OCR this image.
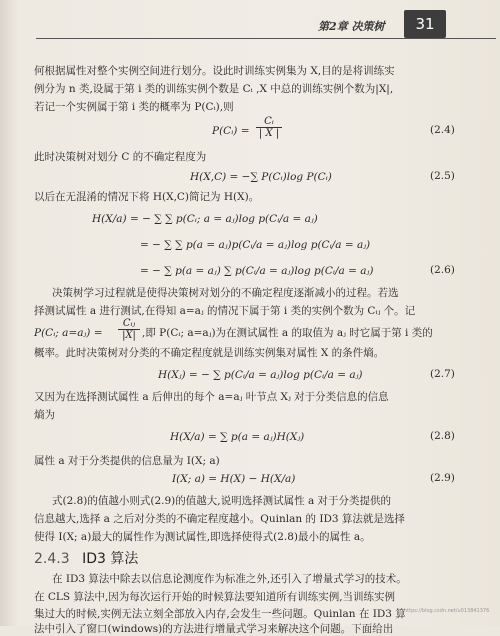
第2章 决策树	31
何根据属性对整个实例空间进行划分。设此时训练实例集为 X,目的是将训练实
例分为 n 类,设属于第 i 类的训练实例个数是 Cᵢ ,X 中总的训练实例个数为|X|,
若记一个实例属于第 i 类的概率为 P(Cᵢ),则
P(Cᵢ) = $\frac{\text{Cᵢ}}{| X |}$	(2.4)
此时决策树对划分 C 的不确定程度为
H(X,C) = −∑ P(Cᵢ)log P(Cᵢ)	(2.5)
以后在无混淆的情况下将 H(X,C)简记为 H(X)。
H(X/a) = − ∑ ∑ p(Cᵢ; a = aⱼ)log p(Cᵢ/a = aⱼ)
= − ∑ ∑ p(a = aⱼ)p(Cᵢ/a = aⱼ)log p(Cᵢ/a = aⱼ)
= − ∑ p(a = aⱼ) ∑ p(Cᵢ/a = aⱼ)log p(Cᵢ/a = aⱼ)	(2.6)
决策树学习过程就是使得决策树对划分的不确定程度逐渐减小的过程。若选
择测试属性 a 进行测试,在得知 a=aⱼ 的情况下属于第 i 类的实例个数为 Cᵢⱼ 个。记
P(Cᵢ; a=aⱼ) =
Cᵢⱼ
|X| ,即 P(Cᵢ; a=aⱼ)为在测试属性 a 的取值为 aⱼ 时它属于第 i 类的
概率。此时决策树对分类的不确定程度就是训练实例集对属性 X 的条件熵。
H(Xⱼ) = − ∑ p(Cᵢ/a = aⱼ)log p(Cᵢ/a = aⱼ)	(2.7)
又因为在选择测试属性 a 后伸出的每个 a=aⱼ 叶节点 Xⱼ 对于分类信息的信息
熵为
H(X/a) = ∑ p(a = aⱼ)H(Xⱼ)	(2.8)
属性 a 对于分类提供的信息量为 I(X; a)
I(X; a) = H(X) − H(X/a)	(2.9)
式(2.8)的值越小则式(2.9)的值越大,说明选择测试属性 a 对于分类提供的
信息越大,选择 a 之后对分类的不确定程度越小。Quinlan 的 ID3 算法就是选择
使得 I(X; a)最大的属性作为测试属性,即选择使得式(2.8)最小的属性 a。
2.4.3 ID3 算法
在 ID3 算法中除去以信息论测度作为标准之外,还引入了增量式学习的技术。
在 CLS 算法中,因为每次运行开始的时候算法要知道所有训练实例,当训练实例
集过大的时候,实例无法立刻全部放入内存,会发生一些问题。Quinlan 在 ID3 算
法中引入了窗口(windows)的方法进行增量式学习来解决这个问题。下面给出
https://blog.csdn.net/u013841376
